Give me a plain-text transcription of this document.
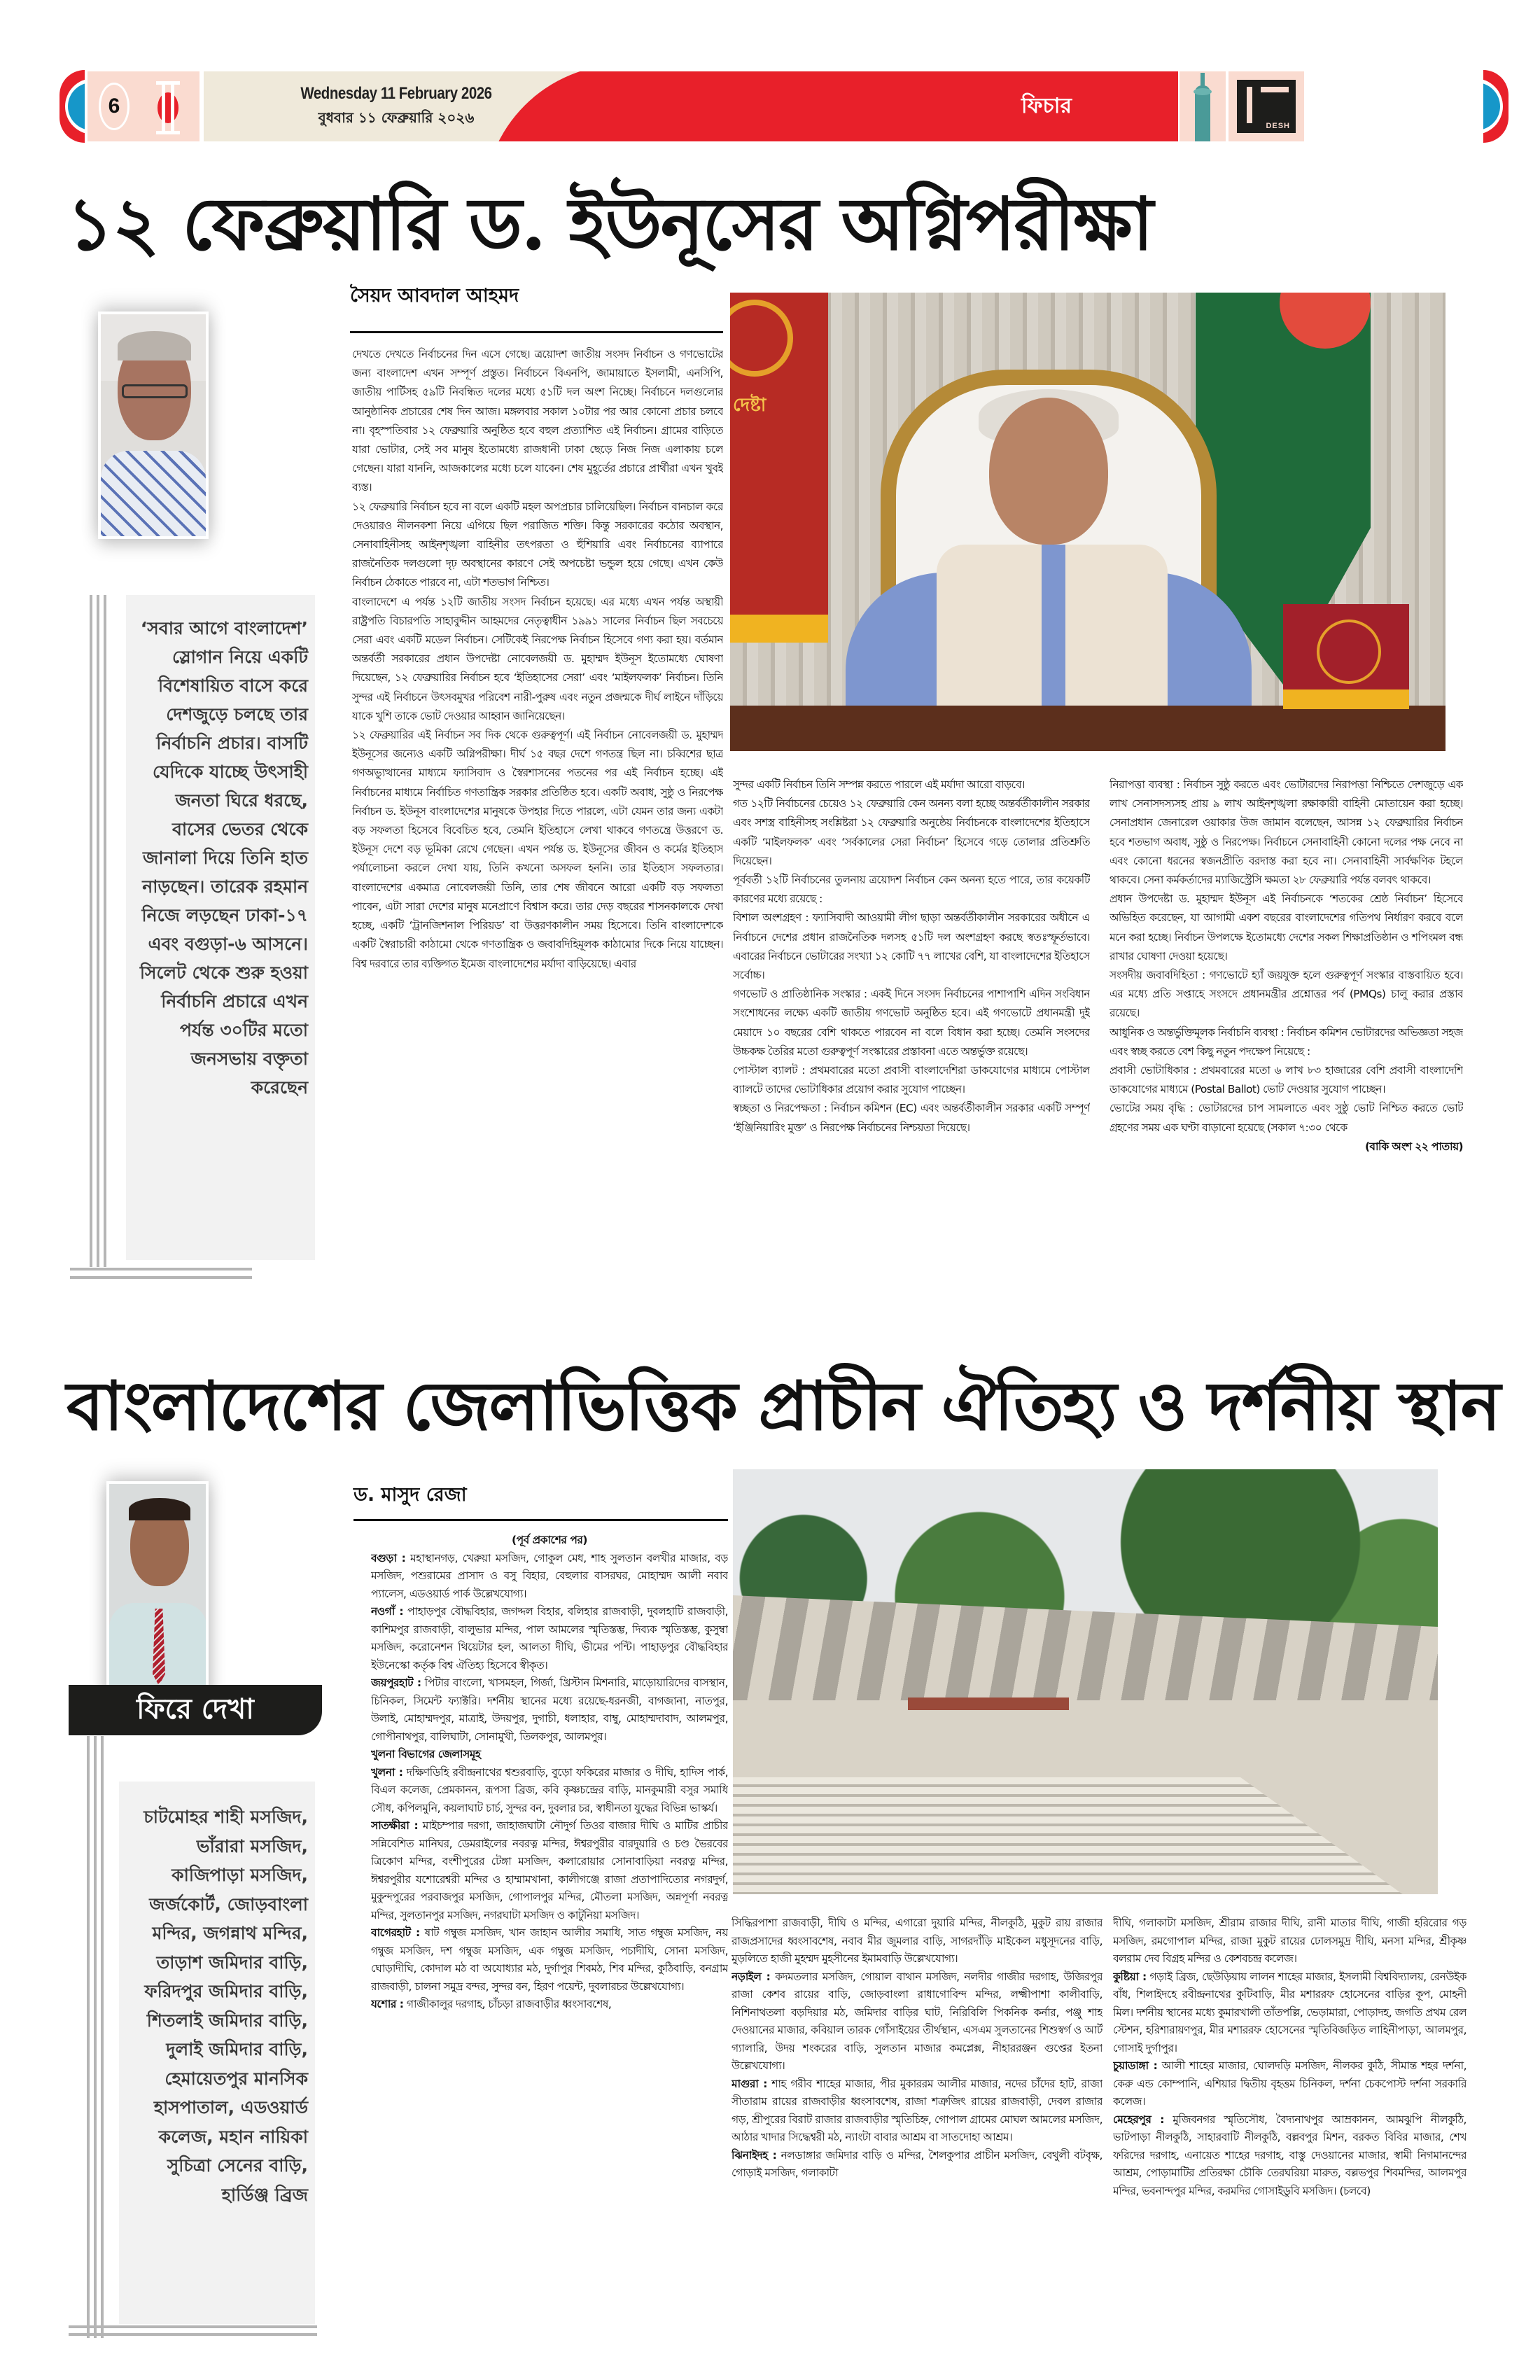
6
Wednesday 11 February 2026
বুধবার ১১ ফেব্রুয়ারি ২০২৬	ফিচার
DESH
১২ ফেব্রুয়ারি ড. ইউনূসের অগ্নিপরীক্ষা
‘সবার আগে বাংলাদেশ’ স্লোগান নিয়ে একটি বিশেষায়িত বাসে করে দেশজুড়ে চলছে তার নির্বাচনি প্রচার। বাসটি যেদিকে যাচ্ছে উৎসাহী জনতা ঘিরে ধরছে, বাসের ভেতর থেকে জানালা দিয়ে তিনি হাত নাড়ছেন। তারেক রহমান নিজে লড়ছেন ঢাকা-১৭ এবং বগুড়া-৬ আসনে। সিলেট থেকে শুরু হওয়া নির্বাচনি প্রচারে এখন পর্যন্ত ৩০টির মতো জনসভায় বক্তৃতা করেছেন
সৈয়দ আবদাল আহমদ

দেখতে দেখতে নির্বাচনের দিন এসে গেছে। ত্রয়োদশ জাতীয় সংসদ নির্বাচন ও গণভোটের জন্য বাংলাদেশ এখন সম্পূর্ণ প্রস্তুত। নির্বাচনে বিএনপি, জামায়াতে ইসলামী, এনসিপি, জাতীয় পার্টিসহ ৫৯টি নিবন্ধিত দলের মধ্যে ৫১টি দল অংশ নিচ্ছে। নির্বাচনে দলগুলোর আনুষ্ঠানিক প্রচারের শেষ দিন আজ। মঙ্গলবার সকাল ১০টার পর আর কোনো প্রচার চলবে না। বৃহস্পতিবার ১২ ফেব্রুয়ারি অনুষ্ঠিত হবে বহুল প্রত্যাশিত এই নির্বাচন। গ্রামের বাড়িতে যারা ভোটার, সেই সব মানুষ ইতোমধ্যে রাজধানী ঢাকা ছেড়ে নিজ নিজ এলাকায় চলে গেছেন। যারা যাননি, আজকালের মধ্যে চলে যাবেন। শেষ মুহূর্তের প্রচারে প্রার্থীরা এখন খুবই ব্যস্ত।

১২ ফেব্রুয়ারি নির্বাচন হবে না বলে একটি মহল অপপ্রচার চালিয়েছিল। নির্বাচন বানচাল করে দেওয়ারও নীলনকশা নিয়ে এগিয়ে ছিল পরাজিত শক্তি। কিন্তু সরকারের কঠোর অবস্থান, সেনাবাহিনীসহ আইনশৃঙ্খলা বাহিনীর তৎপরতা ও হুঁশিয়ারি এবং নির্বাচনের ব্যাপারে রাজনৈতিক দলগুলো দৃঢ় অবস্থানের কারণে সেই অপচেষ্টা ভন্ডুল হয়ে গেছে। এখন কেউ নির্বাচন ঠেকাতে পারবে না, এটা শতভাগ নিশ্চিত।

বাংলাদেশে এ পর্যন্ত ১২টি জাতীয় সংসদ নির্বাচন হয়েছে। এর মধ্যে এখন পর্যন্ত অস্থায়ী রাষ্ট্রপতি বিচারপতি সাহাবুদ্দীন আহমদের নেতৃত্বাধীন ১৯৯১ সালের নির্বাচন ছিল সবচেয়ে সেরা এবং একটি মডেল নির্বাচন। সেটিকেই নিরপেক্ষ নির্বাচন হিসেবে গণ্য করা হয়। বর্তমান অন্তর্বর্তী সরকারের প্রধান উপদেষ্টা নোবেলজয়ী ড. মুহাম্মদ ইউনূস ইতোমধ্যে ঘোষণা দিয়েছেন, ১২ ফেব্রুয়ারির নির্বাচন হবে ‘ইতিহাসের সেরা’ এবং ‘মাইলফলক’ নির্বাচন। তিনি সুন্দর এই নির্বাচনে উৎসবমুখর পরিবেশ নারী-পুরুষ এবং নতুন প্রজন্মকে দীর্ঘ লাইনে দাঁড়িয়ে যাকে খুশি তাকে ভোট দেওয়ার আহ্বান জানিয়েছেন।

১২ ফেব্রুয়ারির এই নির্বাচন সব দিক থেকে গুরুত্বপূর্ণ। এই নির্বাচন নোবেলজয়ী ড. মুহাম্মদ ইউনূসের জন্যেও একটি অগ্নিপরীক্ষা। দীর্ঘ ১৫ বছর দেশে গণতন্ত্র ছিল না। চব্বিশের ছাত্র গণঅভ্যুত্থানের মাধ্যমে ফ্যাসিবাদ ও স্বৈরশাসনের পতনের পর এই নির্বাচন হচ্ছে। এই নির্বাচনের মাধ্যমে নির্বাচিত গণতান্ত্রিক সরকার প্রতিষ্ঠিত হবে। একটি অবাধ, সুষ্ঠু ও নিরপেক্ষ নির্বাচন ড. ইউনূস বাংলাদেশের মানুষকে উপহার দিতে পারলে, এটা যেমন তার জন্য একটা বড় সফলতা হিসেবে বিবেচিত হবে, তেমনি ইতিহাসে লেখা থাকবে গণতন্ত্রে উত্তরণে ড. ইউনূস দেশে বড় ভূমিকা রেখে গেছেন। এখন পর্যন্ত ড. ইউনূসের জীবন ও কর্মের ইতিহাস পর্যালোচনা করলে দেখা যায়, তিনি কখনো অসফল হননি। তার ইতিহাস সফলতার। বাংলাদেশের একমাত্র নোবেলজয়ী তিনি, তার শেষ জীবনে আরো একটি বড় সফলতা পাবেন, এটা সারা দেশের মানুষ মনেপ্রাণে বিশ্বাস করে। তার দেড় বছরের শাসনকালকে দেখা হচ্ছে, একটি ‘ট্রানজিশনাল পিরিয়ড’ বা উত্তরণকালীন সময় হিসেবে। তিনি বাংলাদেশকে একটি স্বৈরাচারী কাঠামো থেকে গণতান্ত্রিক ও জবাবদিহিমূলক কাঠামোর দিকে নিয়ে যাচ্ছেন। বিশ্ব দরবারে তার ব্যক্তিগত ইমেজ বাংলাদেশের মর্যাদা বাড়িয়েছে। এবার

দেষ্টা

সুন্দর একটি নির্বাচন তিনি সম্পন্ন করতে পারলে এই মর্যাদা আরো বাড়বে।

গত ১২টি নির্বাচনের চেয়েও ১২ ফেব্রুয়ারি কেন অনন্য বলা হচ্ছে অন্তর্বর্তীকালীন সরকার এবং সশস্ত্র বাহিনীসহ সংশ্লিষ্টরা ১২ ফেব্রুয়ারি অনুষ্ঠেয় নির্বাচনকে বাংলাদেশের ইতিহাসে একটি ‘মাইলফলক’ এবং ‘সর্বকালের সেরা নির্বাচন’ হিসেবে গড়ে তোলার প্রতিশ্রুতি দিয়েছেন।

পূর্ববর্তী ১২টি নির্বাচনের তুলনায় ত্রয়োদশ নির্বাচন কেন অনন্য হতে পারে, তার কয়েকটি কারণের মধ্যে রয়েছে :

বিশাল অংশগ্রহণ : ফ্যাসিবাদী আওয়ামী লীগ ছাড়া অন্তর্বর্তীকালীন সরকারের অধীনে এ নির্বাচনে দেশের প্রধান রাজনৈতিক দলসহ ৫১টি দল অংশগ্রহণ করছে স্বতঃস্ফূর্তভাবে। এবারের নির্বাচনে ভোটারের সংখ্যা ১২ কোটি ৭৭ লাখের বেশি, যা বাংলাদেশের ইতিহাসে সর্বোচ্চ।

গণভোট ও প্রাতিষ্ঠানিক সংস্কার : একই দিনে সংসদ নির্বাচনের পাশাপাশি এদিন সংবিধান সংশোধনের লক্ষ্যে একটি জাতীয় গণভোট অনুষ্ঠিত হবে। এই গণভোটে প্রধানমন্ত্রী দুই মেয়াদে ১০ বছরের বেশি থাকতে পারবেন না বলে বিধান করা হচ্ছে। তেমনি সংসদের উচ্চকক্ষ তৈরির মতো গুরুত্বপূর্ণ সংস্কারের প্রস্তাবনা এতে অন্তর্ভুক্ত রয়েছে।

পোস্টাল ব্যালট : প্রথমবারের মতো প্রবাসী বাংলাদেশিরা ডাকযোগের মাধ্যমে পোস্টাল ব্যালটে তাদের ভোটাধিকার প্রয়োগ করার সুযোগ পাচ্ছেন।

স্বচ্ছতা ও নিরপেক্ষতা : নির্বাচন কমিশন (EC) এবং অন্তর্বর্তীকালীন সরকার একটি সম্পূর্ণ ‘ইঞ্জিনিয়ারিং মুক্ত’ ও নিরপেক্ষ নির্বাচনের নিশ্চয়তা দিয়েছে।

নিরাপত্তা ব্যবস্থা : নির্বাচন সুষ্ঠু করতে এবং ভোটারদের নিরাপত্তা নিশ্চিতে দেশজুড়ে এক লাখ সেনাসদস্যসহ প্রায় ৯ লাখ আইনশৃঙ্খলা রক্ষাকারী বাহিনী মোতায়েন করা হচ্ছে। সেনাপ্রধান জেনারেল ওয়াকার উজ জামান বলেছেন, আসন্ন ১২ ফেব্রুয়ারির নির্বাচন হবে শতভাগ অবাধ, সুষ্ঠু ও নিরপেক্ষ। নির্বাচনে সেনাবাহিনী কোনো দলের পক্ষ নেবে না এবং কোনো ধরনের স্বজনপ্রীতি বরদাস্ত করা হবে না। সেনাবাহিনী সার্বক্ষণিক টহলে থাকবে। সেনা কর্মকর্তাদের ম্যাজিস্ট্রেসি ক্ষমতা ২৮ ফেব্রুয়ারি পর্যন্ত বলবৎ থাকবে।

প্রধান উপদেষ্টা ড. মুহাম্মদ ইউনূস এই নির্বাচনকে ‘শতকের শ্রেষ্ঠ নির্বাচন’ হিসেবে অভিহিত করেছেন, যা আগামী একশ বছরের বাংলাদেশের গতিপথ নির্ধারণ করবে বলে মনে করা হচ্ছে। নির্বাচন উপলক্ষে ইতোমধ্যে দেশের সকল শিক্ষাপ্রতিষ্ঠান ও শপিংমল বন্ধ রাখার ঘোষণা দেওয়া হয়েছে।

সংসদীয় জবাবদিহিতা : গণভোটে হ্যাঁ জয়যুক্ত হলে গুরুত্বপূর্ণ সংস্কার বাস্তবায়িত হবে। এর মধ্যে প্রতি সপ্তাহে সংসদে প্রধানমন্ত্রীর প্রশ্নোত্তর পর্ব (PMQs) চালু করার প্রস্তাব রয়েছে।

আধুনিক ও অন্তর্ভুক্তিমূলক নির্বাচনি ব্যবস্থা : নির্বাচন কমিশন ভোটারদের অভিজ্ঞতা সহজ এবং স্বচ্ছ করতে বেশ কিছু নতুন পদক্ষেপ নিয়েছে :

প্রবাসী ভোটাধিকার : প্রথমবারের মতো ৬ লাখ ৮৩ হাজারের বেশি প্রবাসী বাংলাদেশি ডাকযোগের মাধ্যমে (Postal Ballot) ভোট দেওয়ার সুযোগ পাচ্ছেন।

ভোটের সময় বৃদ্ধি : ভোটারদের চাপ সামলাতে এবং সুষ্ঠু ভোট নিশ্চিত করতে ভোট গ্রহণের সময় এক ঘণ্টা বাড়ানো হয়েছে (সকাল ৭:৩০ থেকে

(বাকি অংশ ২২ পাতায়)

বাংলাদেশের জেলাভিত্তিক প্রাচীন ঐতিহ্য ও দর্শনীয় স্থান
ফিরে দেখা
চাটমোহর শাহী মসজিদ, ভাঁরারা মসজিদ, কাজিপাড়া মসজিদ, জর্জকোর্ট, জোড়বাংলা মন্দির, জগন্নাথ মন্দির, তাড়াশ জমিদার বাড়ি, ফরিদপুর জমিদার বাড়ি, শিতলাই জমিদার বাড়ি, দুলাই জমিদার বাড়ি, হেমায়েতপুর মানসিক হাসপাতাল, এডওয়ার্ড কলেজ, মহান নায়িকা সুচিত্রা সেনের বাড়ি, হার্ডিঞ্জ ব্রিজ
ড. মাসুদ রেজা

(পূর্ব প্রকাশের পর)

বগুড়া : মহাস্থানগড়, খেরুয়া মসজিদ, গোকুল মেধ, শাহ সুলতান বলখীর মাজার, বড় মসজিদ, পশুরামের প্রাসাদ ও বসু বিহার, বেহুলার বাসরঘর, মোহাম্মদ আলী নবাব প্যালেস, এডওয়ার্ড পার্ক উল্লেখযোগ্য।

নওগাঁ : পাহাড়পুর বৌদ্ধবিহার, জগদ্দল বিহার, বলিহার রাজবাড়ী, দুবলহাটি রাজবাড়ী, কাশিমপুর রাজবাড়ী, বালুভার মন্দির, পাল আমলের স্মৃতিস্তম্ভ, দিব্যক স্মৃতিস্তম্ভ, কুসুম্বা মসজিদ, করোনেশন থিয়েটার হল, আলতা দীঘি, ভীমের পন্টি। পাহাড়পুর বৌদ্ধবিহার ইউনেস্কো কর্তৃক বিশ্ব ঐতিহ্য হিসেবে স্বীকৃত।

জয়পুরহাট : পিটার বাংলো, খাসমহল, গির্জা, খ্রিস্টান মিশনারি, মাড়োয়ারিদের বাসস্থান, চিনিকল, সিমেন্ট ফ্যাক্টরি। দর্শনীয় স্থানের মধ্যে রয়েছে-ধরনজী, বাগজানা, নাতপুর, উলাই, মোহাম্মদপুর, মাত্রাই, উদয়পুর, দুগাচী, ধলাহার, বাম্বু, মোহাম্মদাবাদ, আলমপুর, গোপীনাথপুর, বালিঘাটা, সোনামুখী, তিলকপুর, আলমপুর।

খুলনা বিভাগের জেলাসমূহ

খুলনা : দক্ষিণডিহি রবীন্দ্রনাথের শ্বশুরবাড়ি, বুড়ো ফকিরের মাজার ও দীঘি, হাদিস পার্ক, বিএল কলেজ, প্রেমকানন, রূপসা ব্রিজ, কবি কৃষ্ণচন্দ্রের বাড়ি, মানকুমারী বসুর সমাধি সৌধ, কপিলমুনি, কয়লাঘাট চার্চ, সুন্দর বন, দুবলার চর, স্বাধীনতা যুদ্ধের বিভিন্ন ভাস্কর্য।

সাতক্ষীরা : মাইচম্পার দরগা, জাহাজঘাটা নৌদুর্গ তিওর বাজার দীঘি ও মাটির প্রাচীর সন্নিবেশিত মানিঘর, ডেমরাইলের নবরত্ন মন্দির, ঈশ্বরপুরীর বারদুয়ারি ও চণ্ড ভৈরবের ত্রিকোণ মন্দির, বংশীপুরের টেঙ্গা মসজিদ, কলারোয়ার সোনাবাড়িয়া নবরত্ন মন্দির, ঈশ্বরপুরীর যশোরেশ্বরী মন্দির ও হাম্মামখানা, কালীগঞ্জে রাজা প্রতাপাদিত্যের নগরদুর্গ, মুকুন্দপুরের পরবাজপুর মসজিদ, গোপালপুর মন্দির, মৌতলা মসজিদ, অন্নপূর্ণা নবরত্ন মন্দির, সুলতানপুর মসজিদ, নগরঘাটা মসজিদ ও কাটুনিয়া মসজিদ।

বাগেরহাট : ষাট গম্বুজ মসজিদ, খান জাহান আলীর সমাধি, সাত গম্বুজ মসজিদ, নয় গম্বুজ মসজিদ, দশ গম্বুজ মসজিদ, এক গম্বুজ মসজিদ, পচাদীঘি, সোনা মসজিদ, ঘোড়াদীঘি, কোদাল মঠ বা অযোধ্যার মঠ, দুর্গাপুর শিবমঠ, শিব মন্দির, কুঠিবাড়ি, বনগ্রাম রাজবাড়ী, চালনা সমুদ্র বন্দর, সুন্দর বন, হিরণ পয়েন্ট, দুবলারচর উল্লেখযোগ্য।

যশোর : গাজীকালুর দরগাহ, চাঁচড়া রাজবাড়ীর ধ্বংসাবশেষ,

সিদ্ধিরপাশা রাজবাড়ী, দীঘি ও মন্দির, এগারো দুয়ারি মন্দির, নীলকুঠি, মুকুট রায় রাজার রাজপ্রসাদের ধ্বংসাবশেষ, নবাব মীর জুমলার বাড়ি, সাগরদাঁড়ি মাইকেল মধুসূদনের বাড়ি, মুড়লিতে হাজী মুহম্মদ মুহসীনের ইমামবাড়ি উল্লেখযোগ্য।

নড়াইল : কদমতলার মসজিদ, গোয়াল বাথান মসজিদ, নলদীর গাজীর দরগাহ, উজিরপুর রাজা কেশব রায়ের বাড়ি, জোড়বাংলা রাধাগোবিন্দ মন্দির, লক্ষ্মীপাশা কালীবাড়ি, নিশিনাথতলা বড়দিয়ার মঠ, জমিদার বাড়ির ঘাট, নিরিবিলি পিকনিক কর্নার, পঞ্জু শাহ দেওয়ানের মাজার, কবিয়াল তারক গোঁসাইয়ের তীর্থস্থান, এসএম সুলতানের শিশুস্বর্গ ও আর্ট গ্যালারি, উদয় শংকরের বাড়ি, সুলতান মাজার কমপ্লেক্স, নীহাররঞ্জন গুপ্তের ইতনা উল্লেখযোগ্য।

মাগুরা : শাহ গরীব শাহের মাজার, পীর মুকাররম আলীর মাজার, নদের চাঁদের হাট, রাজা সীতারাম রায়ের রাজবাড়ীর ধ্বংসাবশেষ, রাজা শত্রুজিৎ রায়ের রাজবাড়ী, দেবল রাজার গড়, শ্রীপুরের বিরাট রাজার রাজবাড়ীর স্মৃতিচিহ্ন, গোপাল গ্রামের মোঘল আমলের মসজিদ, আঠার খাদার সিদ্ধেশ্বরী মঠ, ন্যাংটা বাবার আশ্রম বা সাতদোহা আশ্রম।

ঝিনাইদহ : নলডাঙ্গার জমিদার বাড়ি ও মন্দির, শৈলকুপার প্রাচীন মসজিদ, বেথুলী বটবৃক্ষ, গোড়াই মসজিদ, গলাকাটা

দীঘি, গলাকাটা মসজিদ, শ্রীরাম রাজার দীঘি, রানী মাতার দীঘি, গাজী হরিরোর গড় মসজিদ, রমগোপাল মন্দির, রাজা মুকুট রায়ের ঢোলসমুদ্র দীঘি, মনসা মন্দির, শ্রীকৃষ্ণ বলরাম দেব বিগ্রহ মন্দির ও কেশবচন্দ্র কলেজ।

কুষ্টিয়া : গড়াই ব্রিজ, ছেউড়িয়ায় লালন শাহের মাজার, ইসলামী বিশ্ববিদ্যালয়, রেনউইক বাঁধ, শিলাইদহে রবীন্দ্রনাথের কুটিবাড়ি, মীর মশাররফ হোসেনের বাড়ির কূপ, মোহনী মিল। দর্শনীয় স্থানের মধ্যে কুমারখালী তাঁতপল্লি, ভেড়ামারা, পোড়াদহ, জগতি প্রথম রেল স্টেশন, হরিশারায়ণপুর, মীর মশাররফ হোসেনের স্মৃতিবিজড়িত লাহিনীপাড়া, আলমপুর, গোসাই দুর্গাপুর।

চুয়াডাঙ্গা : আলী শাহের মাজার, ঘোলদড়ি মসজিদ, নীলকর কুঠি, সীমান্ত শহর দর্শনা, কেরু এন্ড কোম্পানি, এশিয়ার দ্বিতীয় বৃহত্তম চিনিকল, দর্শনা চেকপোস্ট দর্শনা সরকারি কলেজ।

মেহেরপুর : মুজিবনগর স্মৃতিসৌধ, বৈদ্যনাথপুর আম্রকানন, আমঝুপি নীলকুঠি, ভাটপাড়া নীলকুঠি, সাহারবাটি নীলকুঠি, বল্লবপুর মিশন, বরকত বিবির মাজার, শেখ ফরিদের দরগাহ, এনায়েত শাহের দরগাহ, বাস্তু দেওয়ানের মাজার, স্বামী নিগমানন্দের আশ্রম, পোড়ামাটির প্রতিরক্ষা চৌকি তেরঘরিয়া মারুত, বল্লভপুর শিবমন্দির, আলমপুর মন্দির, ভবনান্দপুর মন্দির, করমদির গোসাইডুবি মসজিদ। (চলবে)
